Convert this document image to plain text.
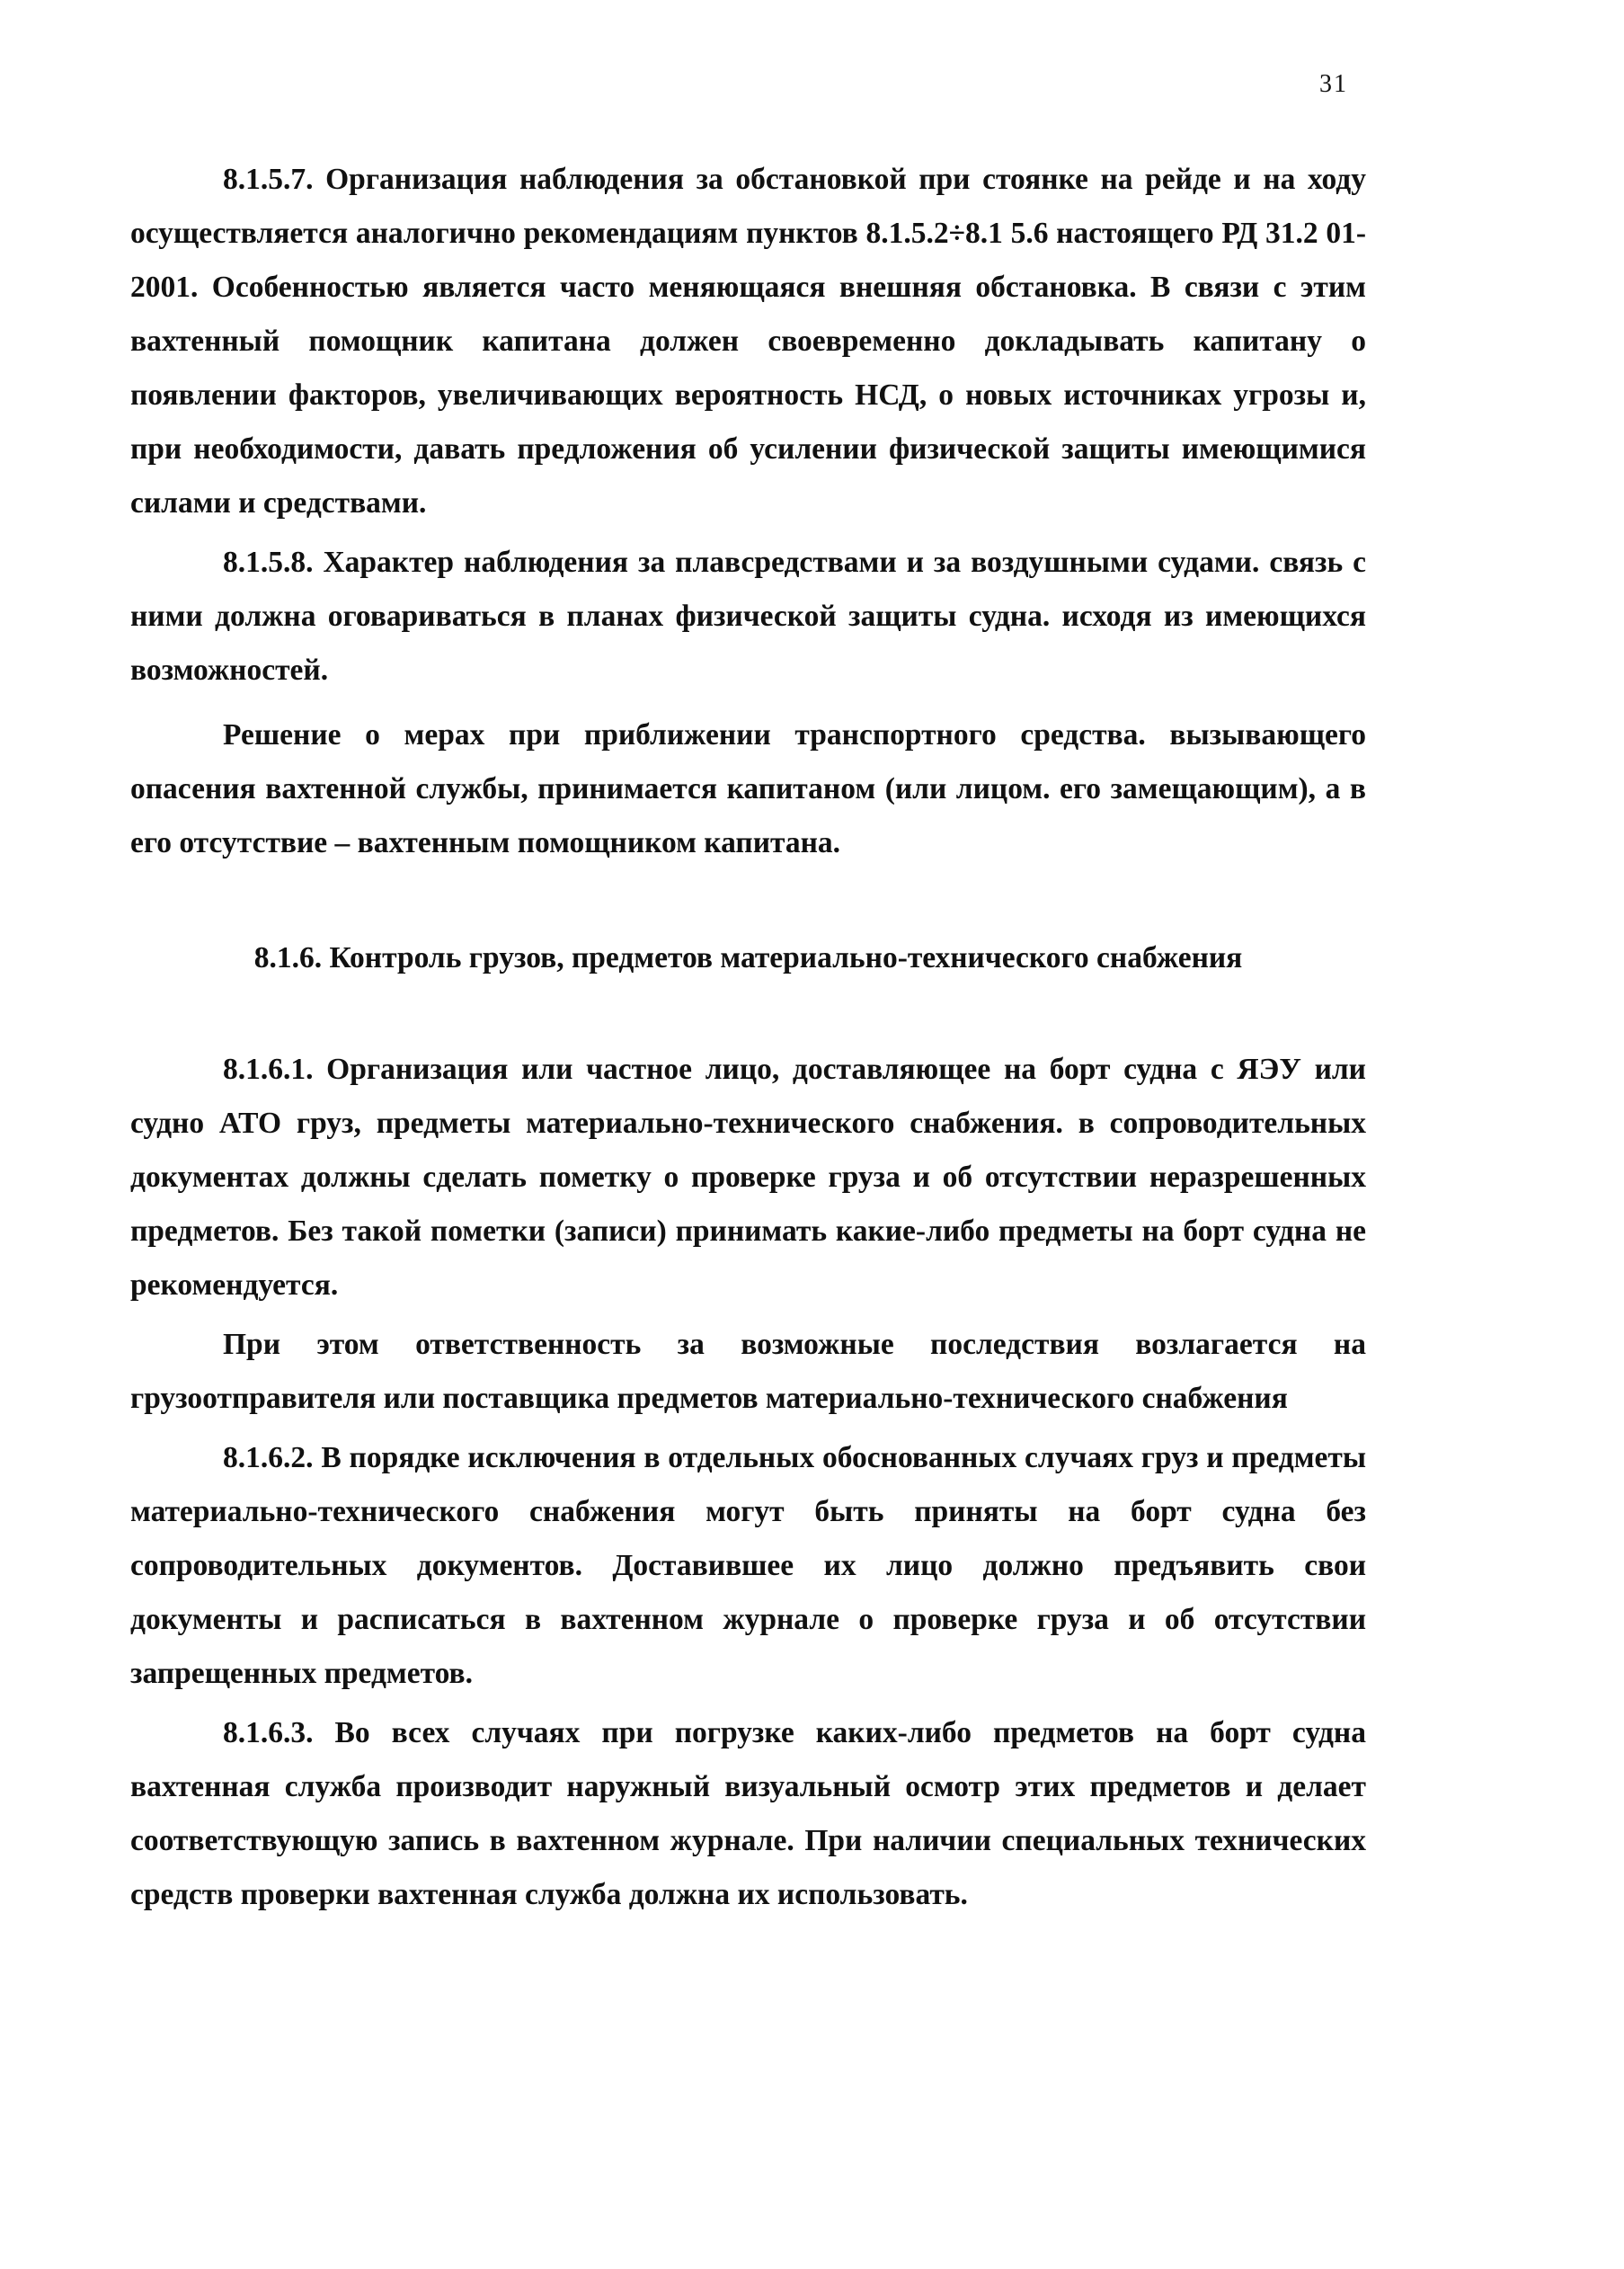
31

8.1.5.7. Организация наблюдения за обстановкой при стоянке на рейде и на ходу осуществляется аналогично рекомендациям пунктов 8.1.5.2÷8.1 5.6 настоящего РД 31.2 01-2001. Особенностью является часто меняющаяся внешняя обстановка. В связи с этим вахтенный помощник капитана должен своевременно докладывать капитану о появлении факторов, увеличивающих вероятность НСД, о новых источниках угрозы и, при необходимости, давать предложения об усилении физической защиты имеющимися силами и средствами.

8.1.5.8. Характер наблюдения за плавсредствами и за воздушными судами. связь с ними должна оговариваться в планах физической защиты судна. исходя из имеющихся возможностей.

Решение о мерах при приближении транспортного средства. вызывающего опасения вахтенной службы, принимается капитаном (или лицом. его замещающим), а в его отсутствие – вахтенным помощником капитана.

8.1.6. Контроль грузов, предметов материально-технического снабжения

8.1.6.1. Организация или частное лицо, доставляющее на борт судна с ЯЭУ или судно АТО груз, предметы материально-технического снабжения. в сопроводительных документах должны сделать пометку о проверке груза и об отсутствии неразрешенных предметов. Без такой пометки (записи) принимать какие-либо предметы на борт судна не рекомендуется.

При этом ответственность за возможные последствия возлагается на грузоотправителя или поставщика предметов материально-технического снабжения

8.1.6.2. В порядке исключения в отдельных обоснованных случаях груз и предметы материально-технического снабжения могут быть приняты на борт судна без сопроводительных документов. Доставившее их лицо должно предъявить свои документы и расписаться в вахтенном журнале о проверке груза и об отсутствии запрещенных предметов.

8.1.6.3. Во всех случаях при погрузке каких-либо предметов на борт судна вахтенная служба производит наружный визуальный осмотр этих предметов и делает соответствующую запись в вахтенном журнале. При наличии специальных технических средств проверки вахтенная служба должна их использовать.
